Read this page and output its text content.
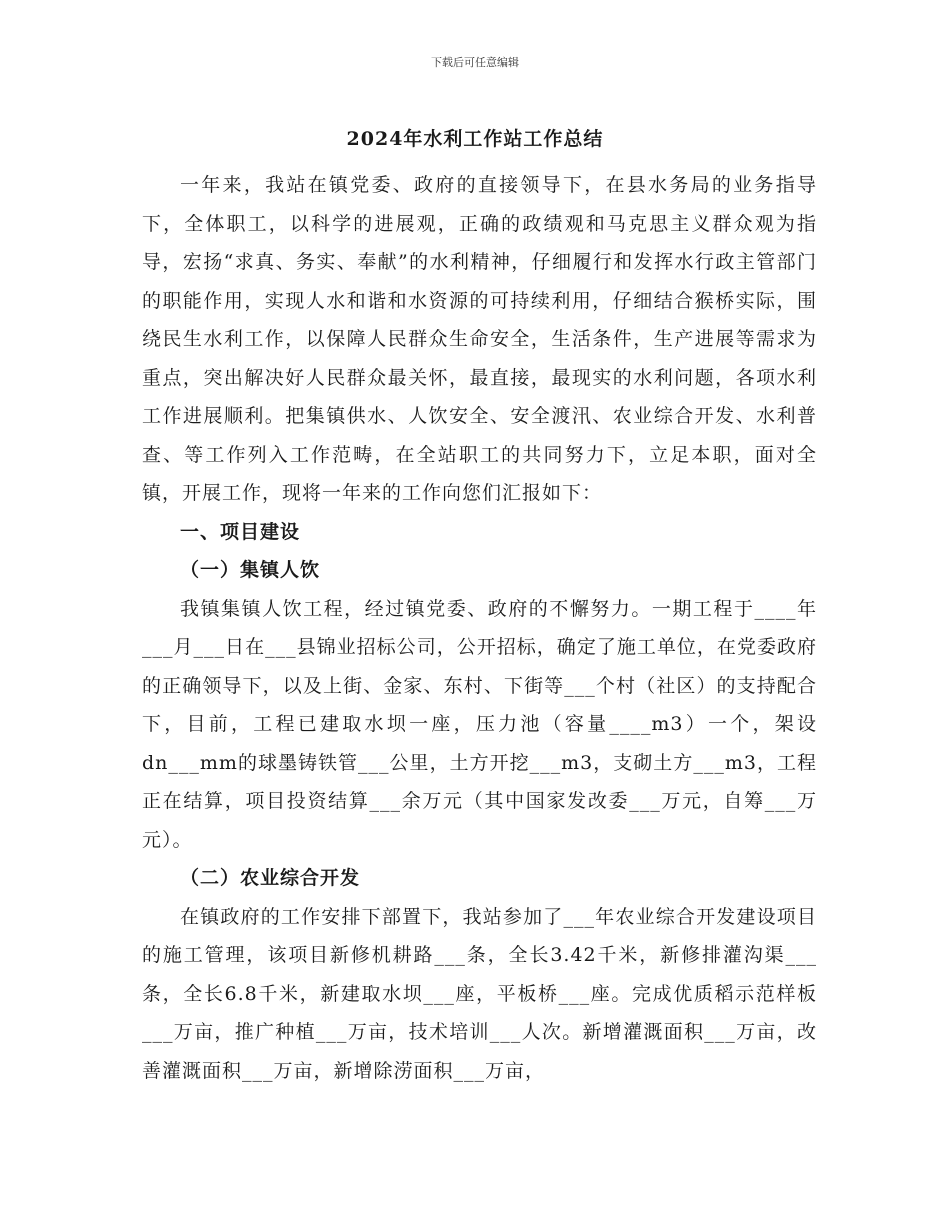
下载后可任意编辑
2024年水利工作站工作总结

一年来，我站在镇党委、政府的直接领导下，在县水务局的业务指导下，全体职工，以科学的进展观，正确的政绩观和马克思主义群众观为指导，宏扬“求真、务实、奉献”的水利精神，仔细履行和发挥水行政主管部门的职能作用，实现人水和谐和水资源的可持续利用，仔细结合猴桥实际，围绕民生水利工作，以保障人民群众生命安全，生活条件，生产进展等需求为重点，突出解决好人民群众最关怀，最直接，最现实的水利问题，各项水利工作进展顺利。把集镇供水、人饮安全、安全渡汛、农业综合开发、水利普查、等工作列入工作范畴，在全站职工的共同努力下，立足本职，面对全镇，开展工作，现将一年来的工作向您们汇报如下：

一、项目建设

（一）集镇人饮

我镇集镇人饮工程，经过镇党委、政府的不懈努力。一期工程于____年___月___日在___县锦业招标公司，公开招标，确定了施工单位，在党委政府的正确领导下，以及上街、金家、东村、下街等___个村（社区）的支持配合下，目前，工程已建取水坝一座，压力池（容量____m3）一个，架设dn___mm的球墨铸铁管___公里，土方开挖___m3，支砌土方___m3，工程正在结算，项目投资结算___余万元（其中国家发改委___万元，自筹___万元）。

（二）农业综合开发

在镇政府的工作安排下部置下，我站参加了___年农业综合开发建设项目的施工管理，该项目新修机耕路___条，全长3.42千米，新修排灌沟渠___条，全长6.8千米，新建取水坝___座，平板桥___座。完成优质稻示范样板___万亩，推广种植___万亩，技术培训___人次。新增灌溉面积___万亩，改善灌溉面积___万亩，新增除涝面积___万亩，
